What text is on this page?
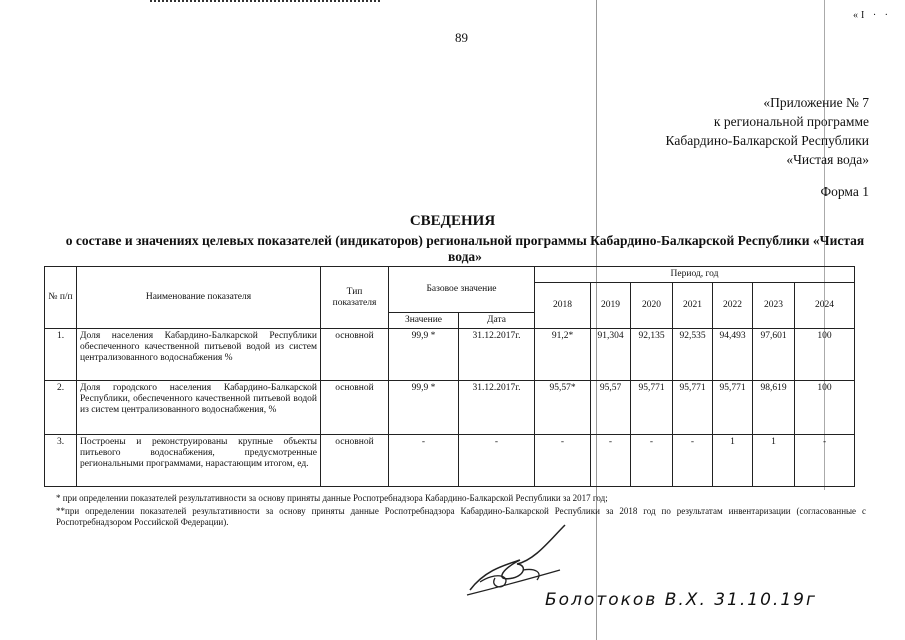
«I · ·
89
«Приложение № 7
к региональной программе
Кабардино-Балкарской Республики
«Чистая вода»
Форма 1
СВЕДЕНИЯ
о составе и значениях целевых показателей (индикаторов) региональной программы Кабардино-Балкарской Республики «Чистая вода»
№ п/п	Наименование показателя	Тип показателя	Базовое значение		Период, год						
					2018	2019	2020	2021	2022	2023	2024
			Значение	Дата							
1.	Доля населения Кабардино-Балкарской Республики обеспеченного качественной питьевой водой из систем централизованного водоснабжения %	основной	99,9 *	31.12.2017г.	91,2*	91,304	92,135	92,535	94,493	97,601	100
2.	Доля городского населения Кабардино-Балкарской Республики, обеспеченного качественной питьевой водой из систем централизованного водоснабжения, %	основной	99,9 *	31.12.2017г.	95,57*	95,57	95,771	95,771	95,771	98,619	100
3.	Построены и реконструированы крупные объекты питьевого водоснабжения, предусмотренные региональными программами, нарастающим итогом, ед.	основной	-	-	-	-	-	-	1	1	-

* при определении показателей результативности за основу приняты данные Роспотребнадзора Кабардино-Балкарской Республики за 2017 год;

**при определении показателей результативности за основу приняты данные Роспотребнадзора Кабардино-Балкарской Республики за 2018 год по результатам инвентаризации (согласованные с Роспотребнадзором Российской Федерации).

Болотоков В.Х. 31.10.19г
